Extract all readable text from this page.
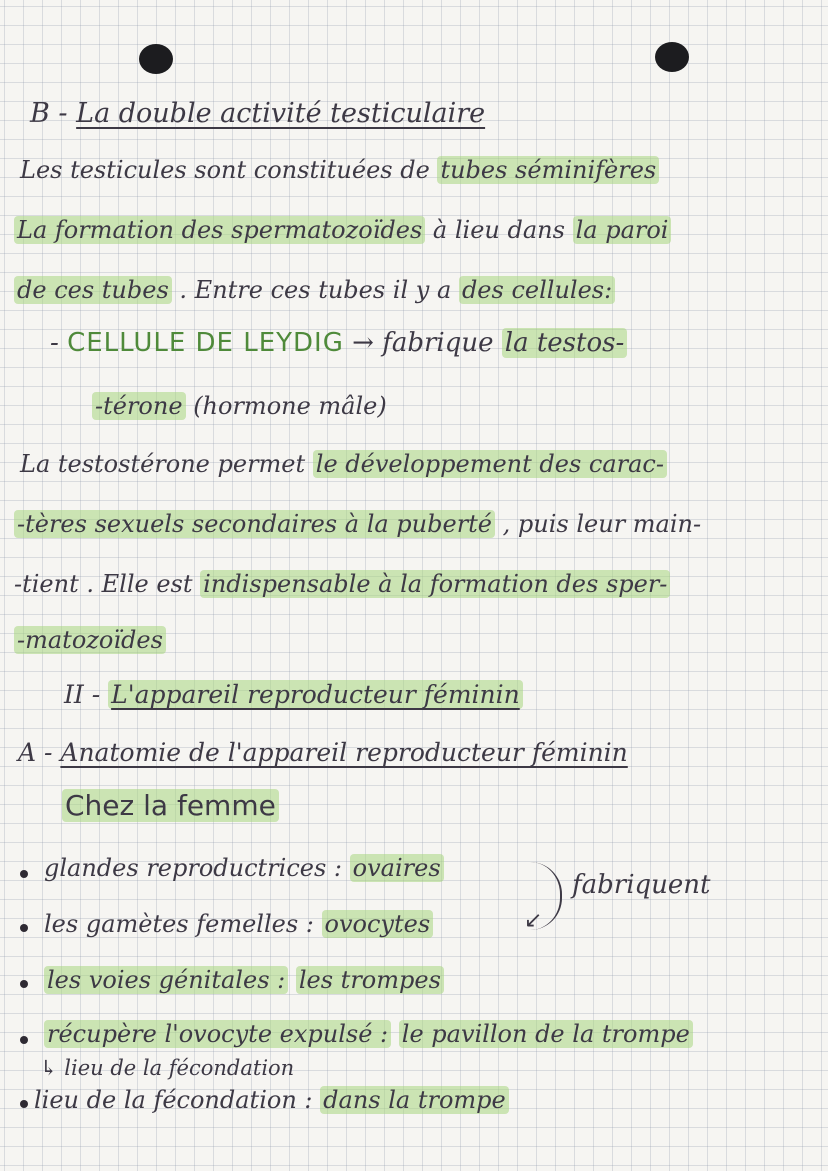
B - La double activité testiculaire
Les testicules sont constituées de tubes séminifères
La formation des spermatozoïdes à lieu dans la paroi
de ces tubes . Entre ces tubes il y a des cellules:
- CELLULE DE LEYDIG → fabrique la testos-
-térone (hormone mâle)
La testostérone permet le développement des carac-
-tères sexuels secondaires à la puberté , puis leur main-
-tient . Elle est indispensable à la formation des sper-
-matozoïdes
II - L'appareil reproducteur féminin
A - Anatomie de l'appareil reproducteur féminin
Chez la femme
glandes reproductrices : ovaires
↙
fabriquent
les gamètes femelles : ovocytes
les voies génitales : les trompes
récupère l'ovocyte expulsé : le pavillon de la trompe
↳ lieu de la fécondation
lieu de la fécondation : dans la trompe
